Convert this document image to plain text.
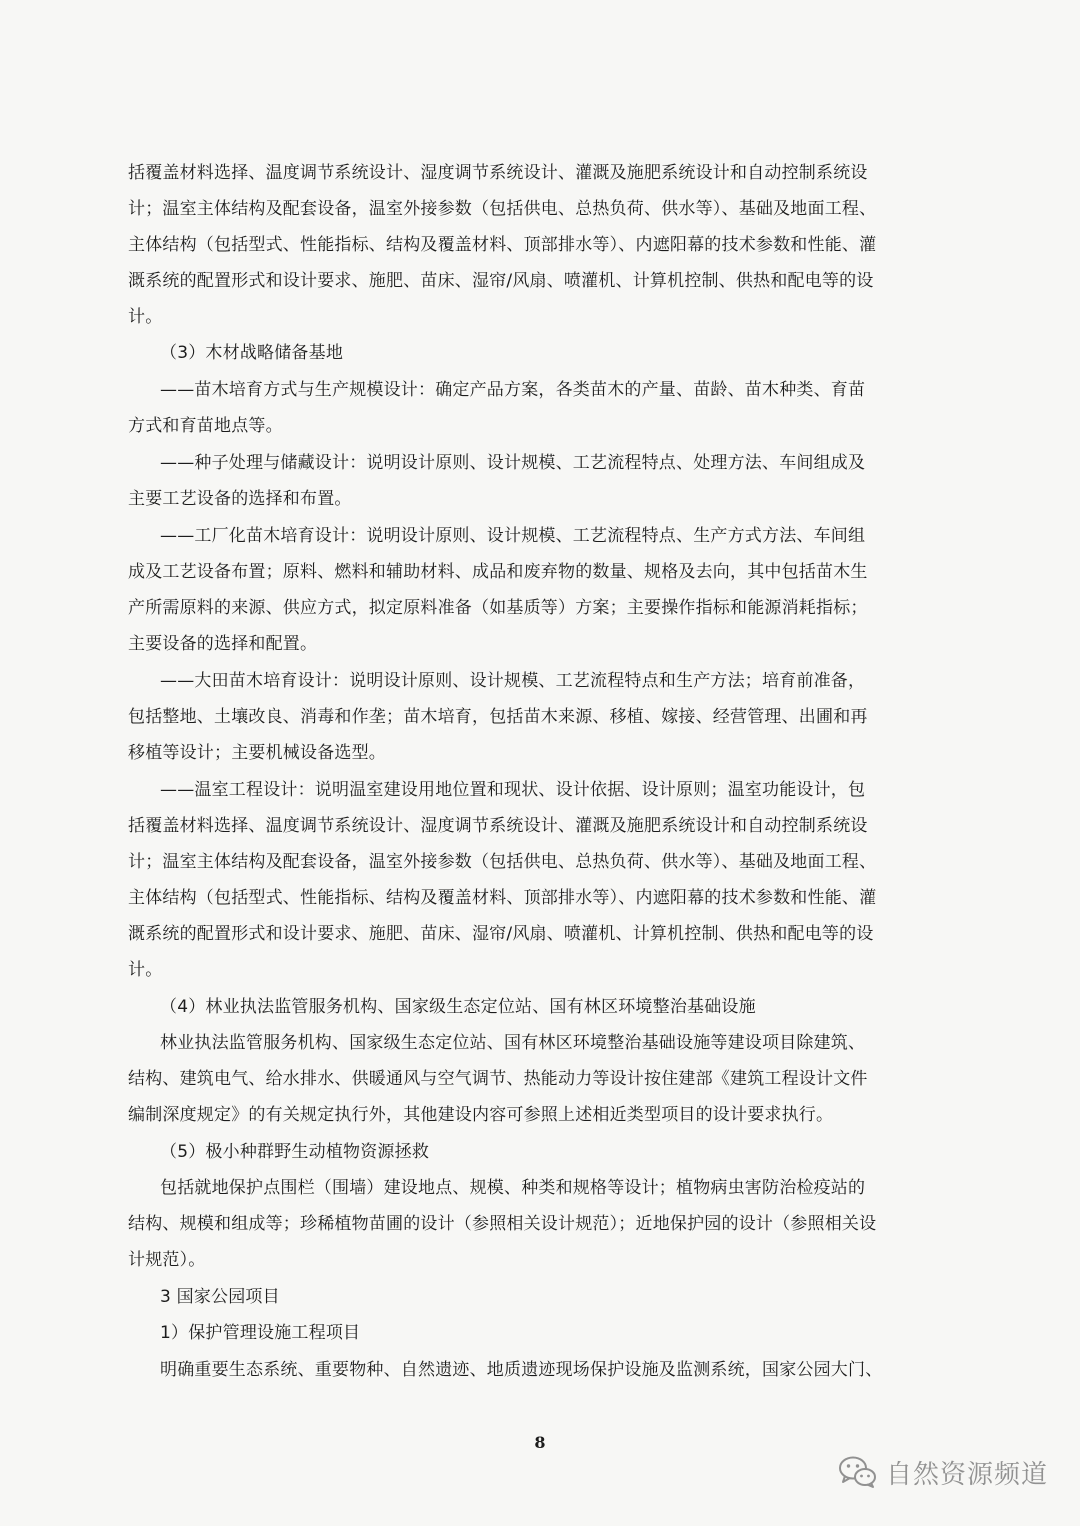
括覆盖材料选择、温度调节系统设计、湿度调节系统设计、灌溉及施肥系统设计和自动控制系统设
计；温室主体结构及配套设备，温室外接参数（包括供电、总热负荷、供水等）、基础及地面工程、
主体结构（包括型式、性能指标、结构及覆盖材料、顶部排水等）、内遮阳幕的技术参数和性能、灌
溉系统的配置形式和设计要求、施肥、苗床、湿帘/风扇、喷灌机、计算机控制、供热和配电等的设
计。
（3）木材战略储备基地
——苗木培育方式与生产规模设计：确定产品方案，各类苗木的产量、苗龄、苗木种类、育苗
方式和育苗地点等。
——种子处理与储藏设计：说明设计原则、设计规模、工艺流程特点、处理方法、车间组成及
主要工艺设备的选择和布置。
——工厂化苗木培育设计：说明设计原则、设计规模、工艺流程特点、生产方式方法、车间组
成及工艺设备布置；原料、燃料和辅助材料、成品和废弃物的数量、规格及去向，其中包括苗木生
产所需原料的来源、供应方式，拟定原料准备（如基质等）方案；主要操作指标和能源消耗指标；
主要设备的选择和配置。
——大田苗木培育设计：说明设计原则、设计规模、工艺流程特点和生产方法；培育前准备，
包括整地、土壤改良、消毒和作垄；苗木培育，包括苗木来源、移植、嫁接、经营管理、出圃和再
移植等设计；主要机械设备选型。
——温室工程设计：说明温室建设用地位置和现状、设计依据、设计原则；温室功能设计，包
括覆盖材料选择、温度调节系统设计、湿度调节系统设计、灌溉及施肥系统设计和自动控制系统设
计；温室主体结构及配套设备，温室外接参数（包括供电、总热负荷、供水等）、基础及地面工程、
主体结构（包括型式、性能指标、结构及覆盖材料、顶部排水等）、内遮阳幕的技术参数和性能、灌
溉系统的配置形式和设计要求、施肥、苗床、湿帘/风扇、喷灌机、计算机控制、供热和配电等的设
计。
（4）林业执法监管服务机构、国家级生态定位站、国有林区环境整治基础设施
林业执法监管服务机构、国家级生态定位站、国有林区环境整治基础设施等建设项目除建筑、
结构、建筑电气、给水排水、供暖通风与空气调节、热能动力等设计按住建部《建筑工程设计文件
编制深度规定》的有关规定执行外，其他建设内容可参照上述相近类型项目的设计要求执行。
（5）极小种群野生动植物资源拯救
包括就地保护点围栏（围墙）建设地点、规模、种类和规格等设计；植物病虫害防治检疫站的
结构、规模和组成等；珍稀植物苗圃的设计（参照相关设计规范）；近地保护园的设计（参照相关设
计规范）。
3 国家公园项目
1）保护管理设施工程项目
明确重要生态系统、重要物种、自然遗迹、地质遗迹现场保护设施及监测系统，国家公园大门、
8
自然资源频道
